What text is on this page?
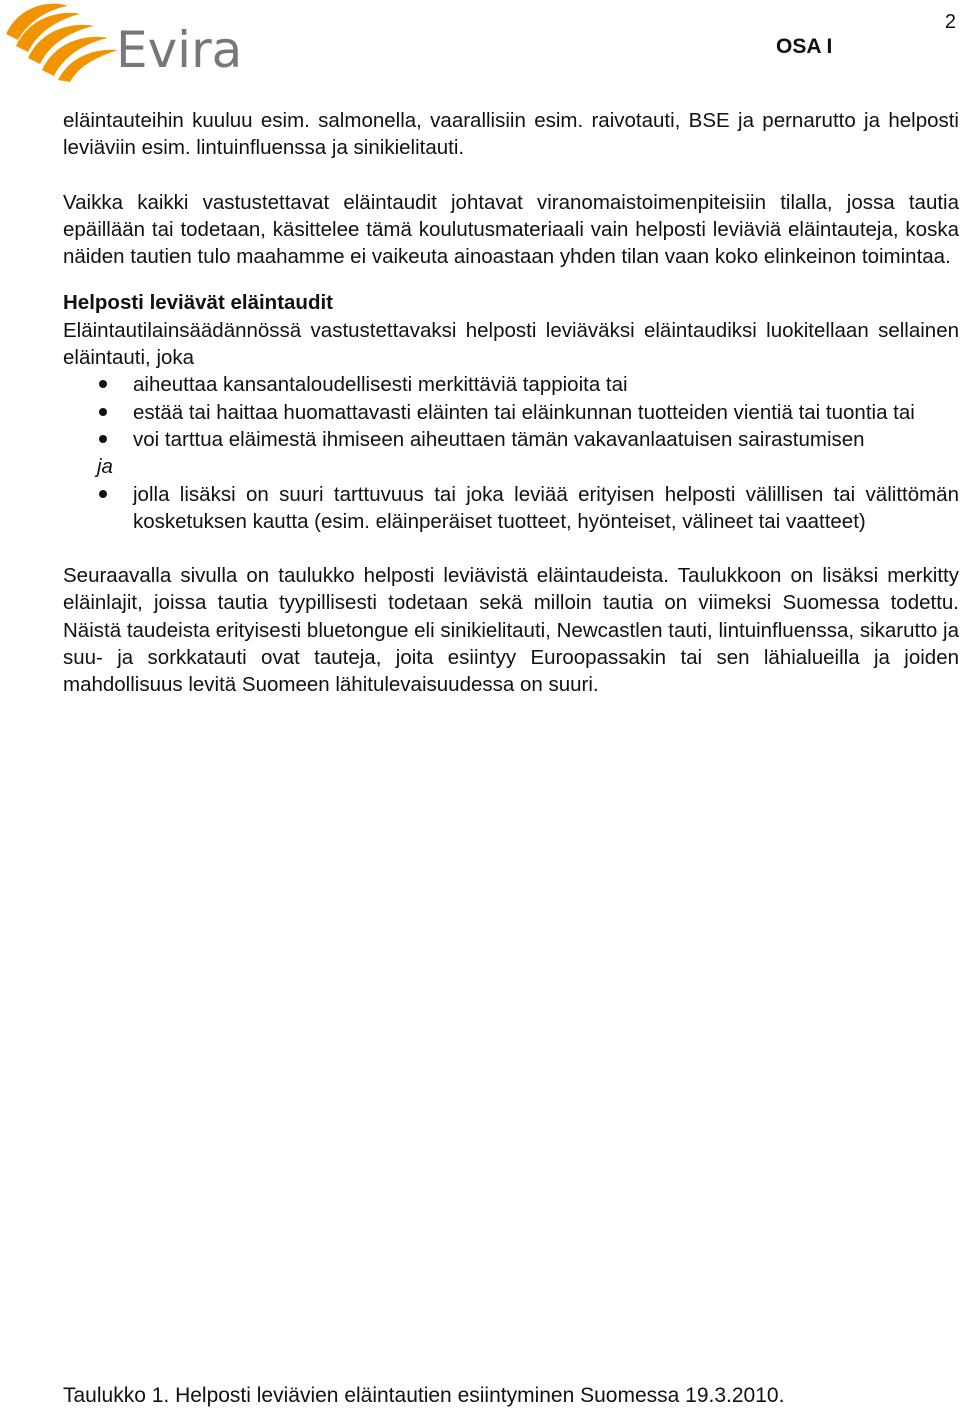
Evira	2
OSA I

eläintauteihin kuuluu esim. salmonella, vaarallisiin esim. raivotauti, BSE ja pernarutto ja helposti leviäviin esim. lintuinfluenssa ja sinikielitauti.

Vaikka kaikki vastustettavat eläintaudit johtavat viranomaistoimenpiteisiin tilalla, jossa tautia epäillään tai todetaan, käsittelee tämä koulutusmateriaali vain helposti leviäviä eläintauteja, koska näiden tautien tulo maahamme ei vaikeuta ainoastaan yhden tilan vaan koko elinkeinon toimintaa.

Helposti leviävät eläintaudit

Eläintautilainsäädännössä vastustettavaksi helposti leviäväksi eläintaudiksi luokitellaan sellainen eläintauti, joka

aiheuttaa kansantaloudellisesti merkittäviä tappioita tai
estää tai haittaa huomattavasti eläinten tai eläinkunnan tuotteiden vientiä tai tuontia tai
voi tarttua eläimestä ihmiseen aiheuttaen tämän vakavanlaatuisen sairastumisen

ja

jolla lisäksi on suuri tarttuvuus tai joka leviää erityisen helposti välillisen tai välittömän kosketuksen kautta (esim. eläinperäiset tuotteet, hyönteiset, välineet tai vaatteet)

Seuraavalla sivulla on taulukko helposti leviävistä eläintaudeista. Taulukkoon on lisäksi merkitty eläinlajit, joissa tautia tyypillisesti todetaan sekä milloin tautia on viimeksi Suomessa todettu. Näistä taudeista erityisesti bluetongue eli sinikielitauti, Newcastlen tauti, lintuinfluenssa, sikarutto ja suu- ja sorkkatauti ovat tauteja, joita esiintyy Euroopassakin tai sen lähialueilla ja joiden mahdollisuus levitä Suomeen lähitulevaisuudessa on suuri.

Taulukko 1. Helposti leviävien eläintautien esiintyminen Suomessa 19.3.2010.
